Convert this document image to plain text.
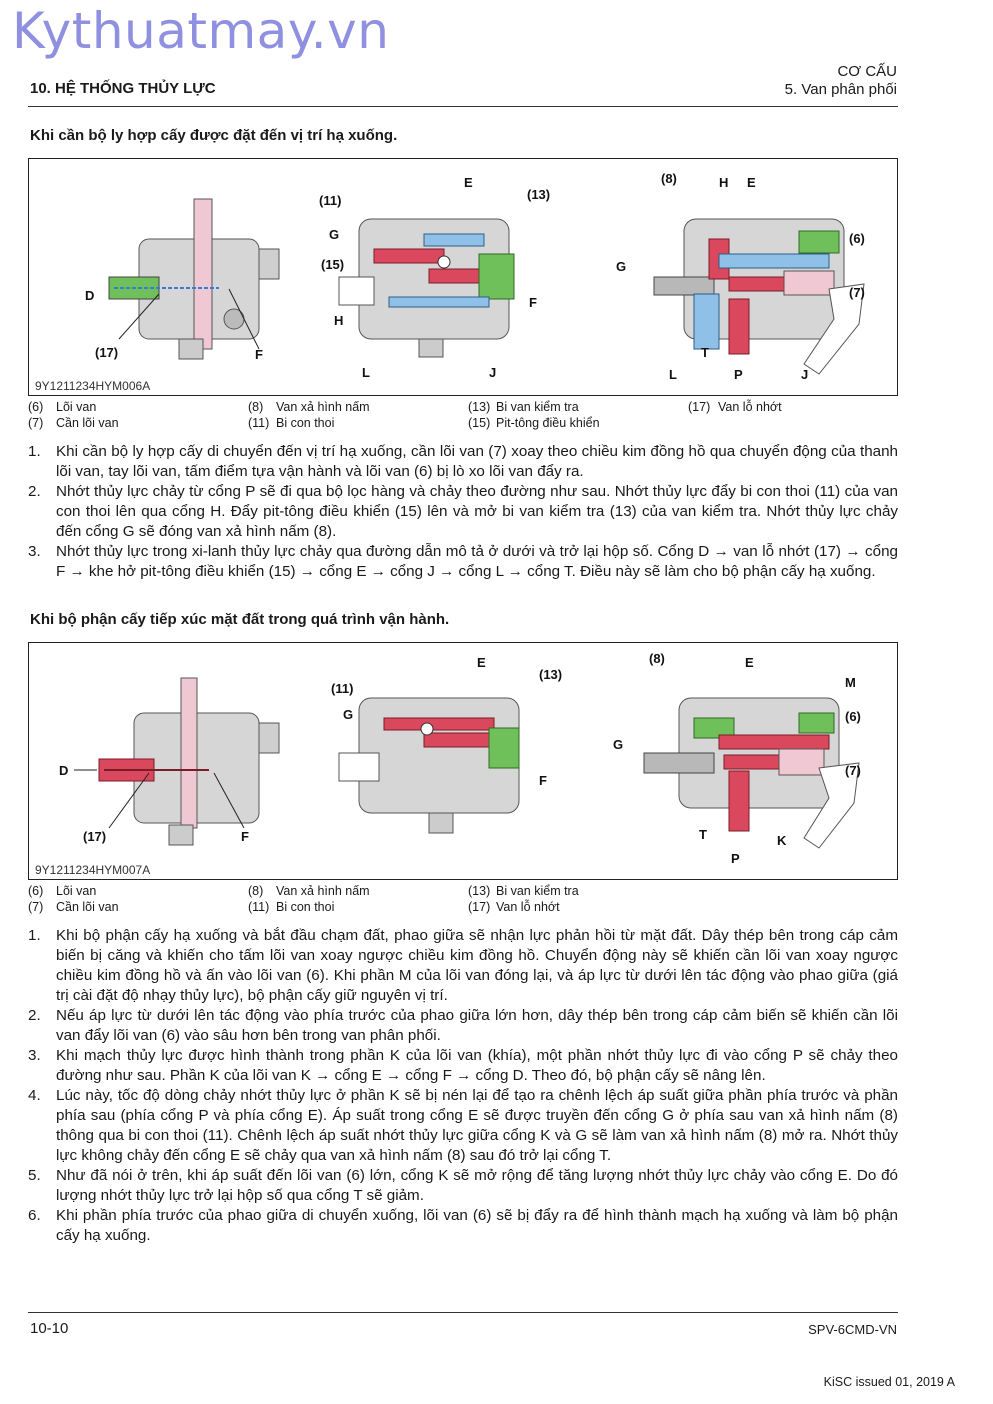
Kythuatmay.vn
10. HỆ THỐNG THỦY LỰC
CƠ CẤU
5. Van phân phối
Khi cần bộ ly hợp cấy được đặt đến vị trí hạ xuống.
D
(17)	F
(11)
G
(15)
H
L
E
(13)
F
J
(8)	H E
G
(6)
(7)
L
T
P	J
9Y1211234HYM006A
(6) Lõi van
(7) Cần lõi van
(8) Van xả hình nấm
(11) Bi con thoi
(13) Bi van kiểm tra
(15) Pit-tông điều khiển
(17) Van lỗ nhớt
1.	Khi cần bộ ly hợp cấy di chuyển đến vị trí hạ xuống, cần lõi van (7) xoay theo chiều kim đồng hồ qua chuyển động của thanh lõi van, tay lõi van, tấm điểm tựa vận hành và lõi van (6) bị lò xo lõi van đẩy ra.
2.	Nhớt thủy lực chảy từ cổng P sẽ đi qua bộ lọc hàng và chảy theo đường như sau. Nhớt thủy lực đẩy bi con thoi (11) của van con thoi lên qua cổng H. Đẩy pit-tông điều khiển (15) lên và mở bi van kiểm tra (13) của van kiểm tra. Nhớt thủy lực chảy đến cổng G sẽ đóng van xả hình nấm (8).
3.	Nhớt thủy lực trong xi-lanh thủy lực chảy qua đường dẫn mô tả ở dưới và trở lại hộp số. Cổng D → van lỗ nhớt (17) → cổng F → khe hở pit-tông điều khiển (15) → cổng E → cổng J → cổng L → cổng T. Điều này sẽ làm cho bộ phận cấy hạ xuống.
Khi bộ phận cấy tiếp xúc mặt đất trong quá trình vận hành.
D
(17)	F
(11)
G
E
(13)
F
(8)	E
M
G
(6)
(7)
T
P
K
9Y1211234HYM007A
(6) Lõi van
(7) Cần lõi van
(8) Van xả hình nấm
(11) Bi con thoi
(13) Bi van kiểm tra
(17) Van lỗ nhớt
1.	Khi bộ phận cấy hạ xuống và bắt đầu chạm đất, phao giữa sẽ nhận lực phản hồi từ mặt đất. Dây thép bên trong cáp cảm biến bị căng và khiến cho tấm lõi van xoay ngược chiều kim đồng hồ. Chuyển động này sẽ khiến cần lõi van xoay ngược chiều kim đồng hồ và ấn vào lõi van (6). Khi phần M của lõi van đóng lại, và áp lực từ dưới lên tác động vào phao giữa (giá trị cài đặt độ nhạy thủy lực), bộ phận cấy giữ nguyên vị trí.
2.	Nếu áp lực từ dưới lên tác động vào phía trước của phao giữa lớn hơn, dây thép bên trong cáp cảm biến sẽ khiến cần lõi van đẩy lõi van (6) vào sâu hơn bên trong van phân phối.
3.	Khi mạch thủy lực được hình thành trong phần K của lõi van (khía), một phần nhớt thủy lực đi vào cổng P sẽ chảy theo đường như sau. Phần K của lõi van K → cổng E → cổng F → cổng D. Theo đó, bộ phận cấy sẽ nâng lên.
4.	Lúc này, tốc độ dòng chảy nhớt thủy lực ở phần K sẽ bị nén lại để tạo ra chênh lệch áp suất giữa phần phía trước và phần phía sau (phía cổng P và phía cổng E). Áp suất trong cổng E sẽ được truyền đến cổng G ở phía sau van xả hình nấm (8) thông qua bi con thoi (11). Chênh lệch áp suất nhớt thủy lực giữa cổng K và G sẽ làm van xả hình nấm (8) mở ra. Nhớt thủy lực không chảy đến cổng E sẽ chảy qua van xả hình nấm (8) sau đó trở lại cổng T.
5.	Như đã nói ở trên, khi áp suất đến lõi van (6) lớn, cổng K sẽ mở rộng để tăng lượng nhớt thủy lực chảy vào cổng E. Do đó lượng nhớt thủy lực trở lại hộp số qua cổng T sẽ giảm.
6.	Khi phần phía trước của phao giữa di chuyển xuống, lõi van (6) sẽ bị đẩy ra để hình thành mạch hạ xuống và làm bộ phận cấy hạ xuống.
10-10	SPV-6CMD-VN
KiSC issued 01, 2019 A
